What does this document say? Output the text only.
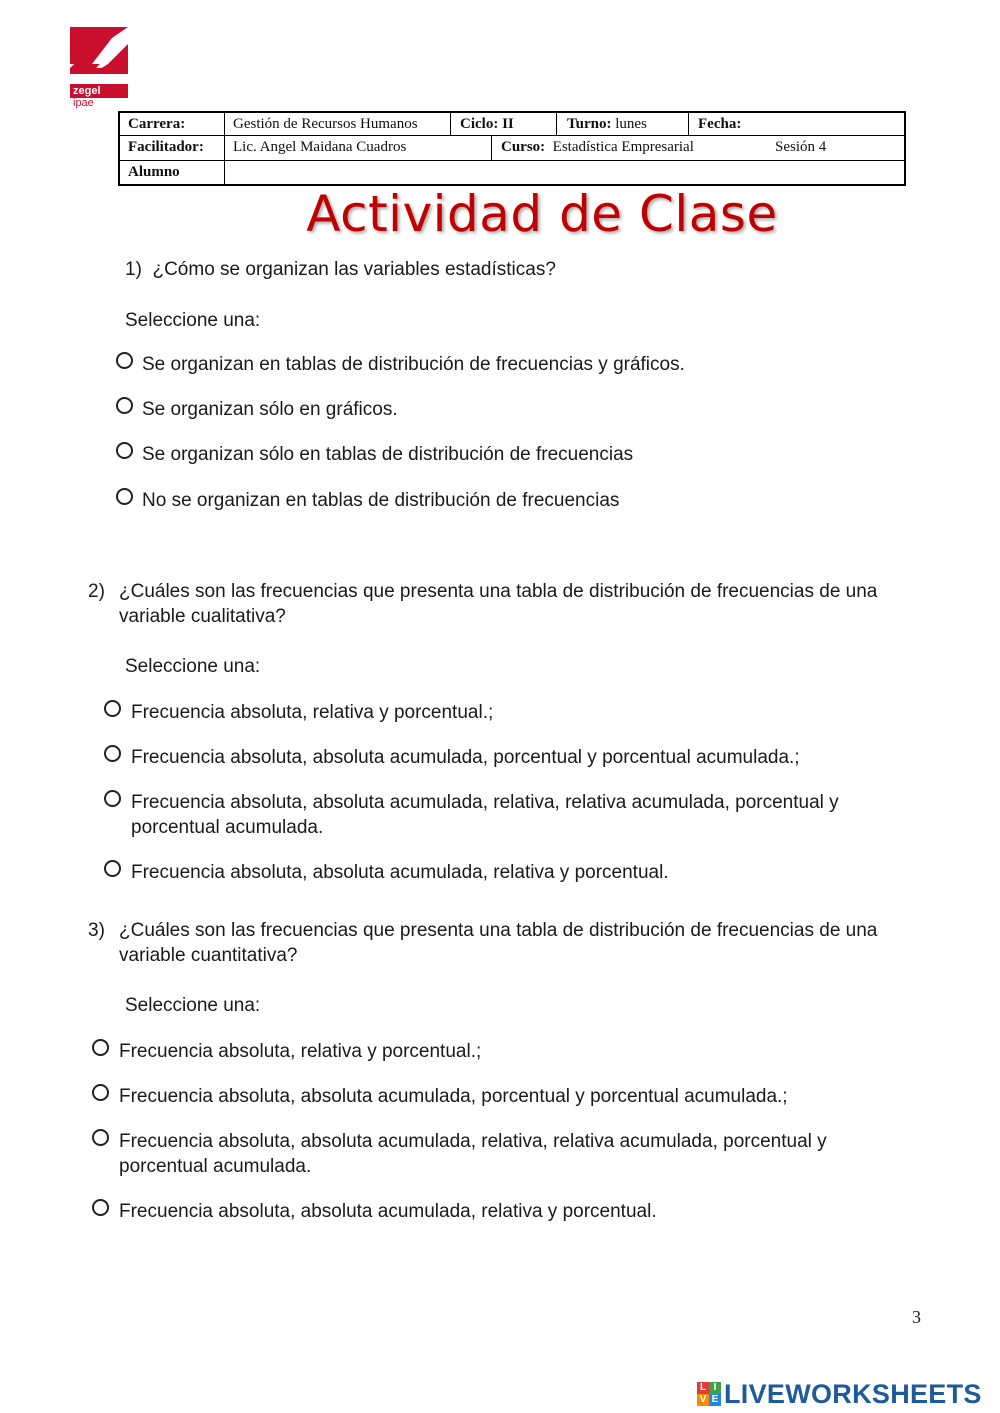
zegel
ipae
Carrera:	Gestión de Recursos Humanos	Ciclo: II	Turno: lunes	Fecha:
Facilitador: Lic. Angel Maidana Cuadros	Curso: Estadística Empresarial	Sesión 4
Alumno
Actividad de Clase
1) ¿Cómo se organizan las variables estadísticas?
Seleccione una:
Se organizan en tablas de distribución de frecuencias y gráficos.
Se organizan sólo en gráficos.
Se organizan sólo en tablas de distribución de frecuencias
No se organizan en tablas de distribución de frecuencias
2) ¿Cuáles son las frecuencias que presenta una tabla de distribución de frecuencias de una
variable cualitativa?
Seleccione una:
Frecuencia absoluta, relativa y porcentual.;
Frecuencia absoluta, absoluta acumulada, porcentual y porcentual acumulada.;
Frecuencia absoluta, absoluta acumulada, relativa, relativa acumulada, porcentual y porcentual acumulada.
Frecuencia absoluta, absoluta acumulada, relativa y porcentual.
3) ¿Cuáles son las frecuencias que presenta una tabla de distribución de frecuencias de una
variable cuantitativa?
Seleccione una:
Frecuencia absoluta, relativa y porcentual.;
Frecuencia absoluta, absoluta acumulada, porcentual y porcentual acumulada.;
Frecuencia absoluta, absoluta acumulada, relativa, relativa acumulada, porcentual y porcentual acumulada.
Frecuencia absoluta, absoluta acumulada, relativa y porcentual.
3
L I
V E LIVEWORKSHEETS
